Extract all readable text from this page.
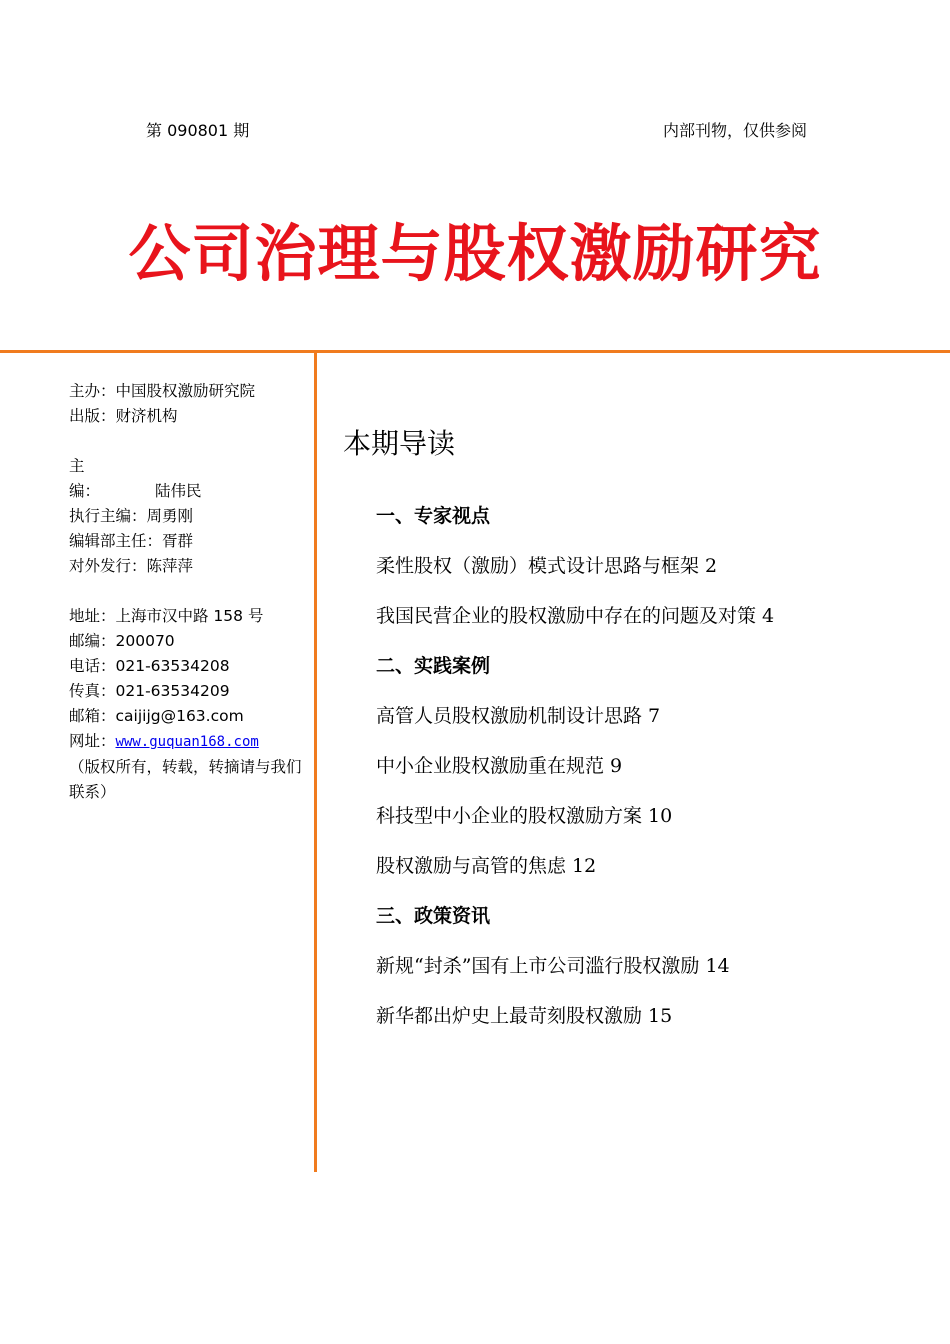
第 090801 期	内部刊物，仅供参阅
公司治理与股权激励研究
主办：中国股权激励研究院
出版：财济机构
主编：	陆伟民
执行主编：周勇刚
编辑部主任：胥群
对外发行：陈萍萍
地址：上海市汉中路 158 号
邮编：200070
电话：021-63534208
传真：021-63534209
邮箱：caijijg@163.com
网址：www.guquan168.com
（版权所有，转载，转摘请与我们联系）
本期导读
一、专家视点
柔性股权（激励）模式设计思路与框架 2
我国民营企业的股权激励中存在的问题及对策 4
二、实践案例
高管人员股权激励机制设计思路 7
中小企业股权激励重在规范 9
科技型中小企业的股权激励方案 10
股权激励与高管的焦虑 12
三、政策资讯
新规“封杀”国有上市公司滥行股权激励 14
新华都出炉史上最苛刻股权激励 15
